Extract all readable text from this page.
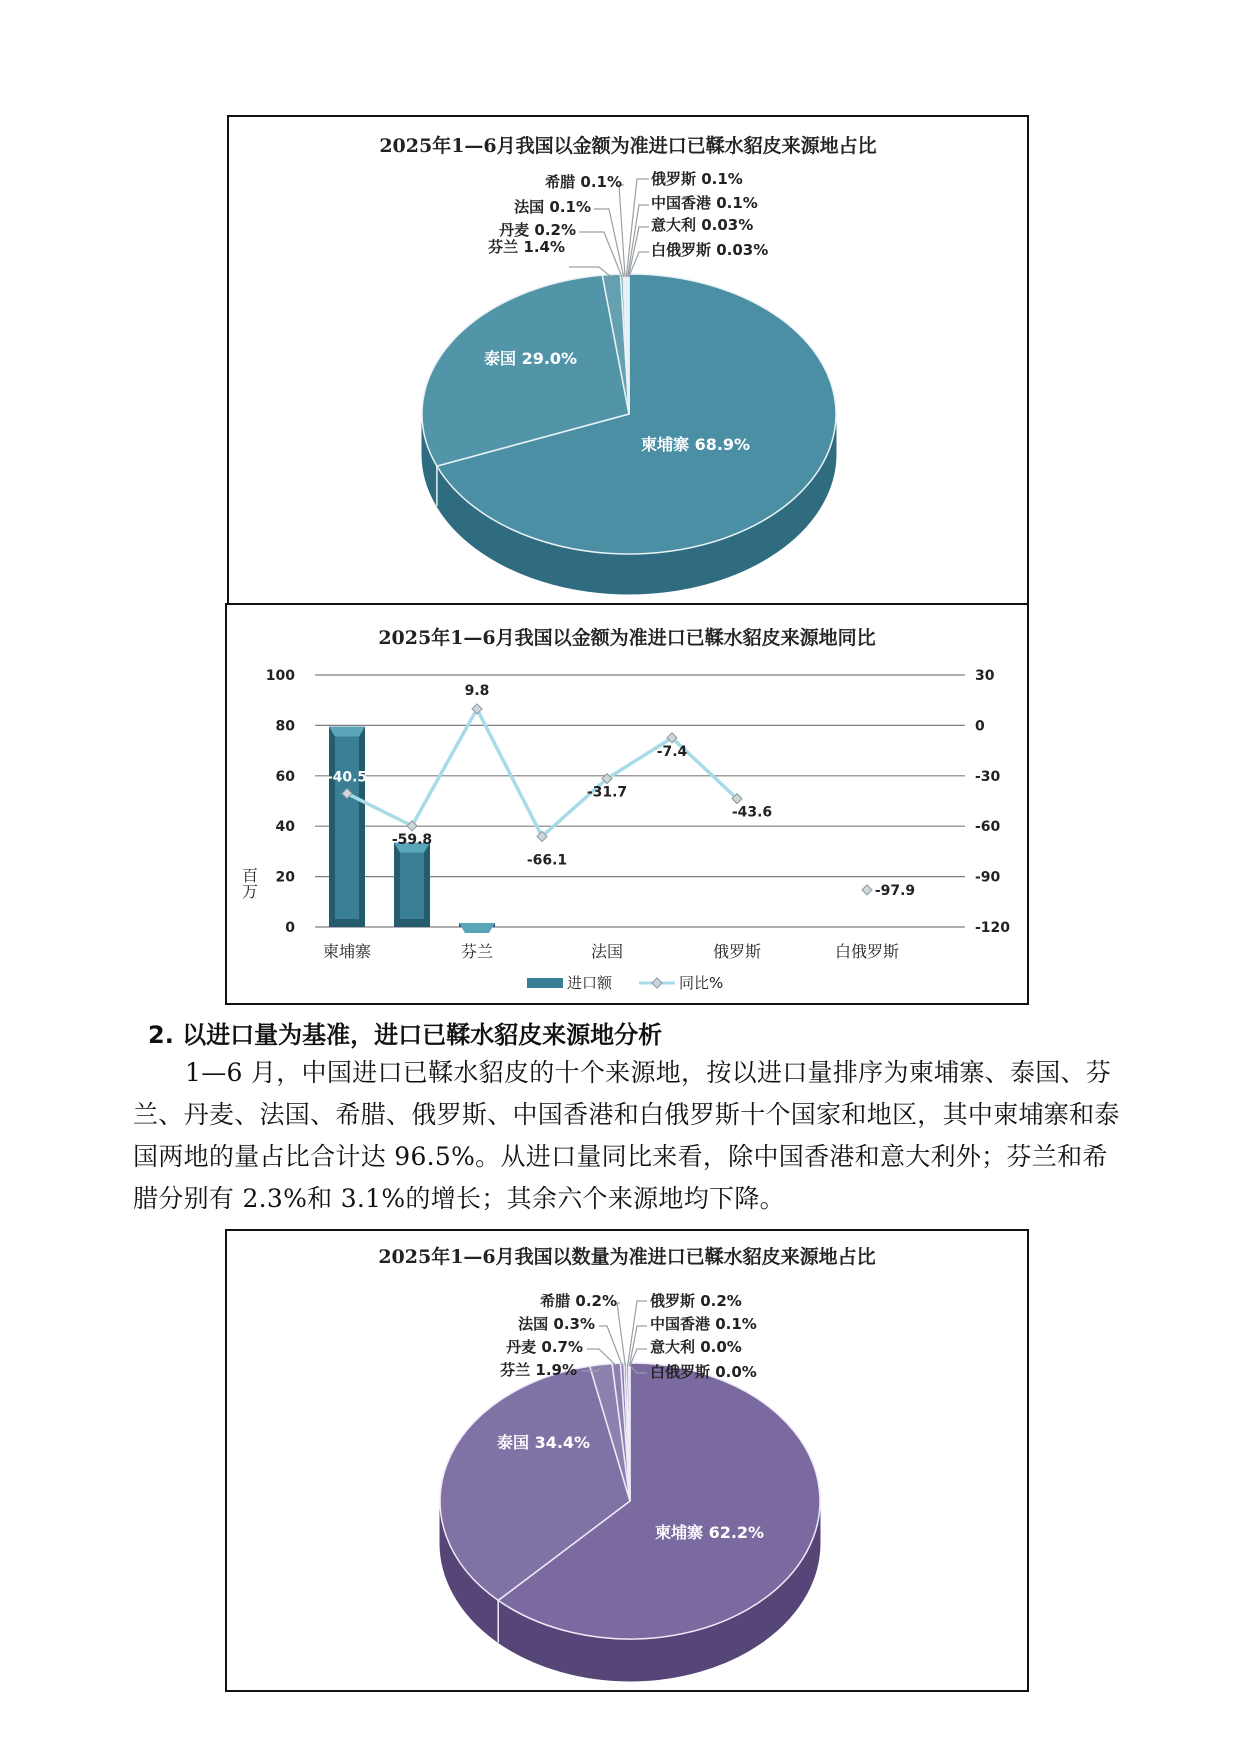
2025年1—6月我国以金额为准进口已鞣水貂皮来源地占比
柬埔寨 68.9%
泰国 29.0%
芬兰 1.4%
丹麦 0.2%
法国 0.1%
希腊 0.1% 俄罗斯 0.1%
中国香港 0.1%
意大利 0.03%
白俄罗斯 0.03%
2025年1—6月我国以金额为准进口已鞣水貂皮来源地同比
100
80
60
40
20
0
30
0
-30
-60
-90
-120
百万
-40.5
-59.8
9.8
-66.1
-31.7
-7.4
-43.6
-97.9
柬埔寨	芬兰	法国	俄罗斯	白俄罗斯
进口额	同比%
2. 以进口量为基准，进口已鞣水貂皮来源地分析
1—6 月，中国进口已鞣水貂皮的十个来源地，按以进口量排序为柬埔寨、泰国、芬兰、丹麦、法国、希腊、俄罗斯、中国香港和白俄罗斯十个国家和地区，其中柬埔寨和泰国两地的量占比合计达 96.5%。从进口量同比来看，除中国香港和意大利外；芬兰和希腊分别有 2.3%和 3.1%的增长；其余六个来源地均下降。
2025年1—6月我国以数量为准进口已鞣水貂皮来源地占比
柬埔寨 62.2%
泰国 34.4%
芬兰 1.9%
丹麦 0.7%
法国 0.3%
希腊 0.2% 俄罗斯 0.2%
中国香港 0.1%
意大利 0.0%
白俄罗斯 0.0%
